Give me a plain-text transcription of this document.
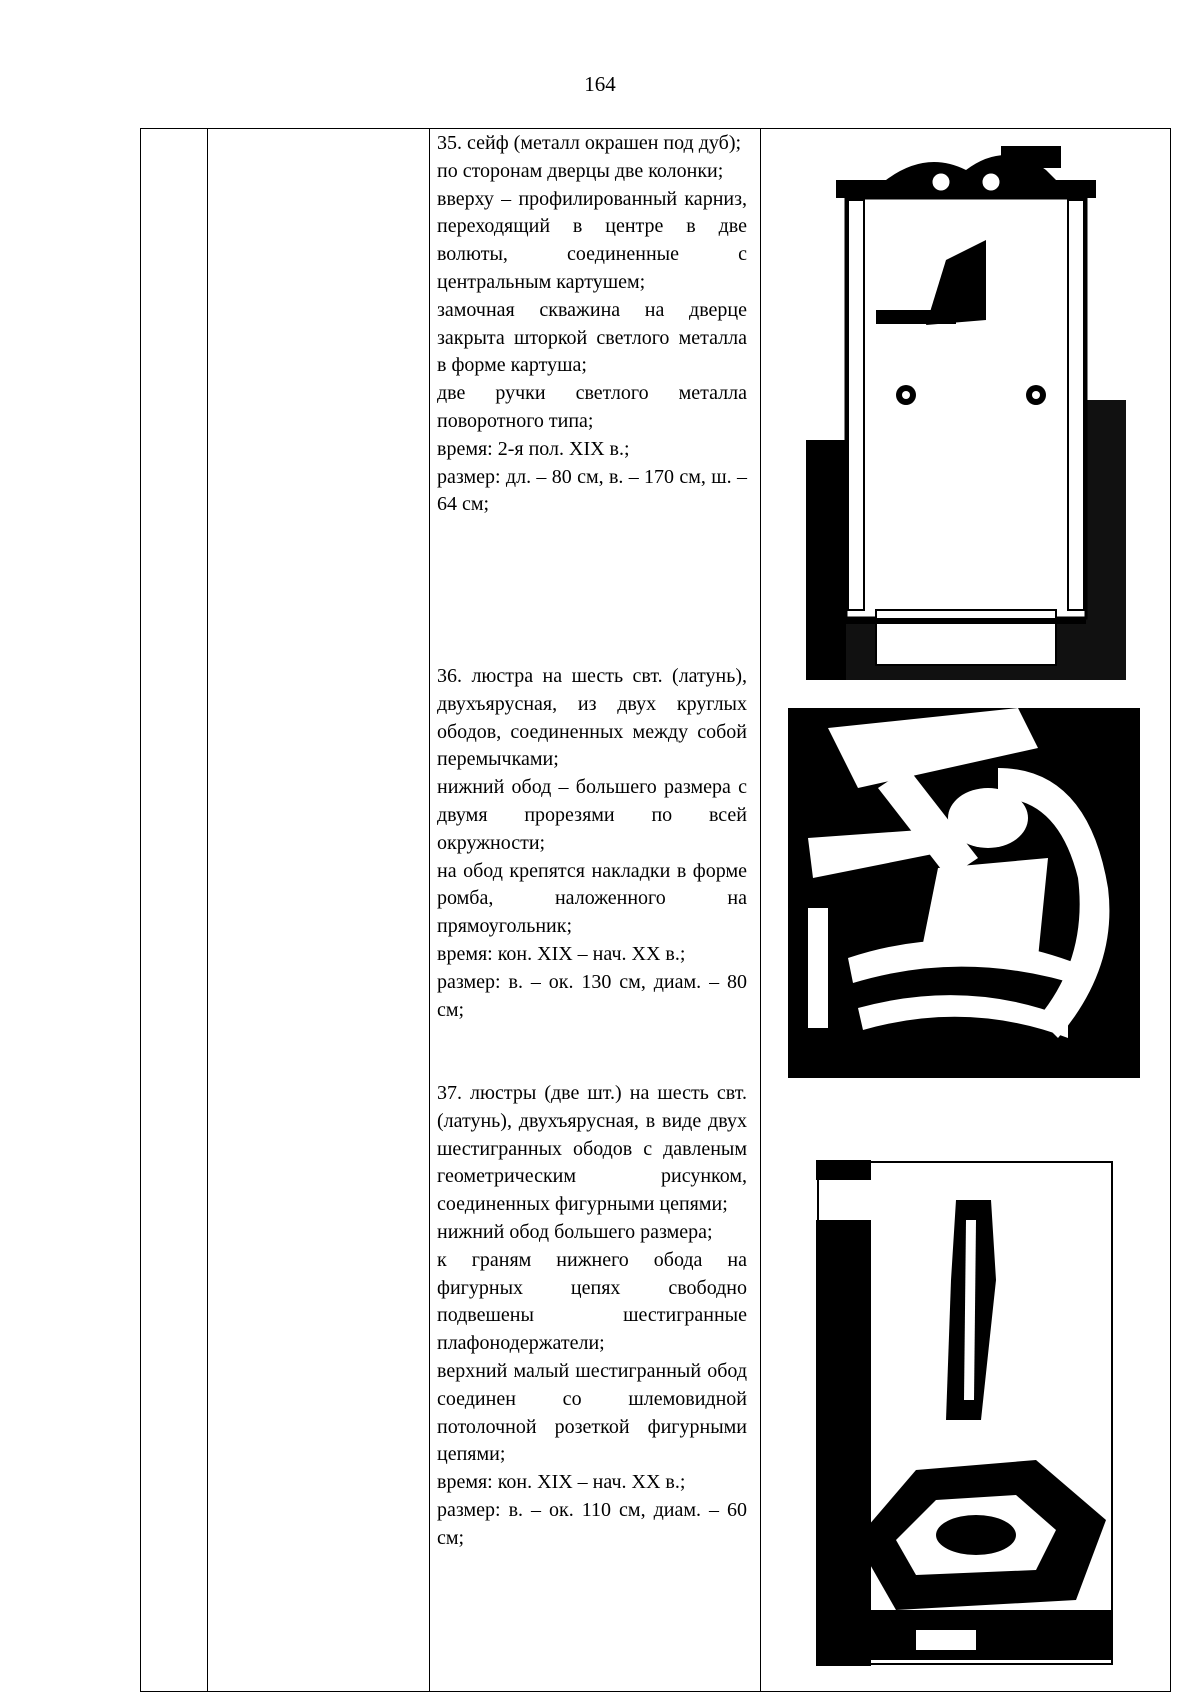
164

35. сейф (металл окрашен под дуб);

по сторонам дверцы две колонки;

вверху – профилированный карниз, переходящий в центре в две волюты, соединенные с центральным картушем;

замочная скважина на дверце закрыта шторкой светлого металла в форме картуша;

две ручки светлого металла поворотного типа;

время: 2-я пол. XIX в.;

размер: дл. – 80 см, в. – 170 см, ш. – 64 см;

36. люстра на шесть свт. (латунь), двухъярусная, из двух круглых ободов, соединенных между собой перемычками;

нижний обод – большего размера с двумя прорезями по всей окружности;

на обод крепятся накладки в форме ромба, наложенного на прямоугольник;

время: кон. XIX – нач. XX в.;

размер: в. – ок. 130 см, диам. – 80 см;

37. люстры (две шт.) на шесть свт. (латунь), двухъярусная, в виде двух шестигранных ободов с давленым геометрическим рисунком, соединенных фигурными цепями;

нижний обод большего размера;

к граням нижнего обода на фигурных цепях свободно подвешены шестигранные плафонодержатели;

верхний малый шестигранный обод соединен со шлемовидной потолочной розеткой фигурными цепями;

время: кон. XIX – нач. XX в.;

размер: в. – ок. 110 см, диам. – 60 см;
